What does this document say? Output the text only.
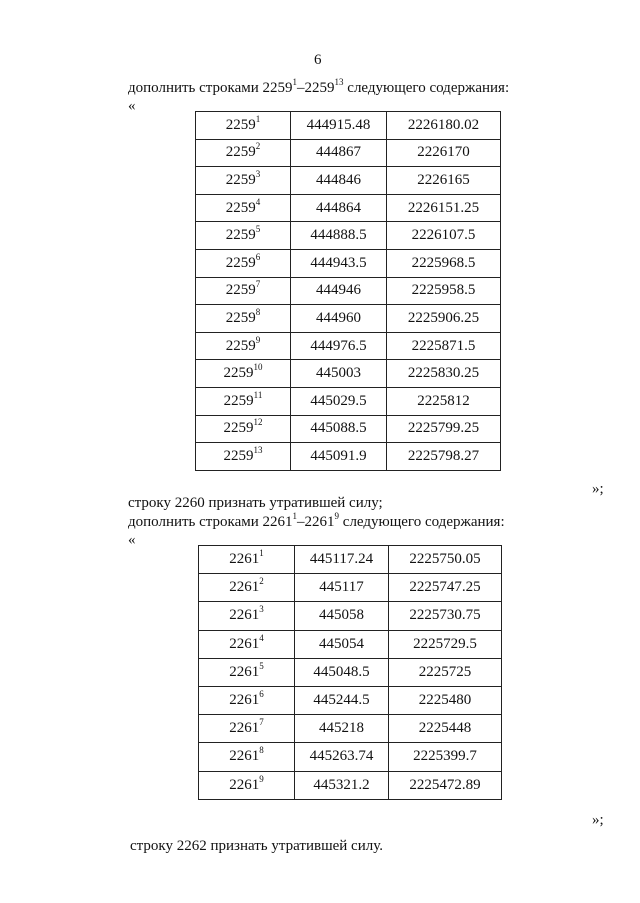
6
дополнить строками 2259$^1$–2259$^{13}$ следующего содержания:
«
2259$^1$	444915.48	2226180.02
2259$^2$	444867	2226170
2259$^3$	444846	2226165
2259$^4$	444864	2226151.25
2259$^5$	444888.5	2226107.5
2259$^6$	444943.5	2225968.5
2259$^7$	444946	2225958.5
2259$^8$	444960	2225906.25
2259$^9$	444976.5	2225871.5
2259$^{10}$	445003	2225830.25
2259$^{11}$	445029.5	2225812
2259$^{12}$	445088.5	2225799.25
2259$^{13}$	445091.9	2225798.27
»;
строку 2260 признать утратившей силу;
дополнить строками 2261$^1$–2261$^9$ следующего содержания:
«
2261$^1$	445117.24	2225750.05
2261$^2$	445117	2225747.25
2261$^3$	445058	2225730.75
2261$^4$	445054	2225729.5
2261$^5$	445048.5	2225725
2261$^6$	445244.5	2225480
2261$^7$	445218	2225448
2261$^8$	445263.74	2225399.7
2261$^9$	445321.2	2225472.89
»;
строку 2262 признать утратившей силу.
